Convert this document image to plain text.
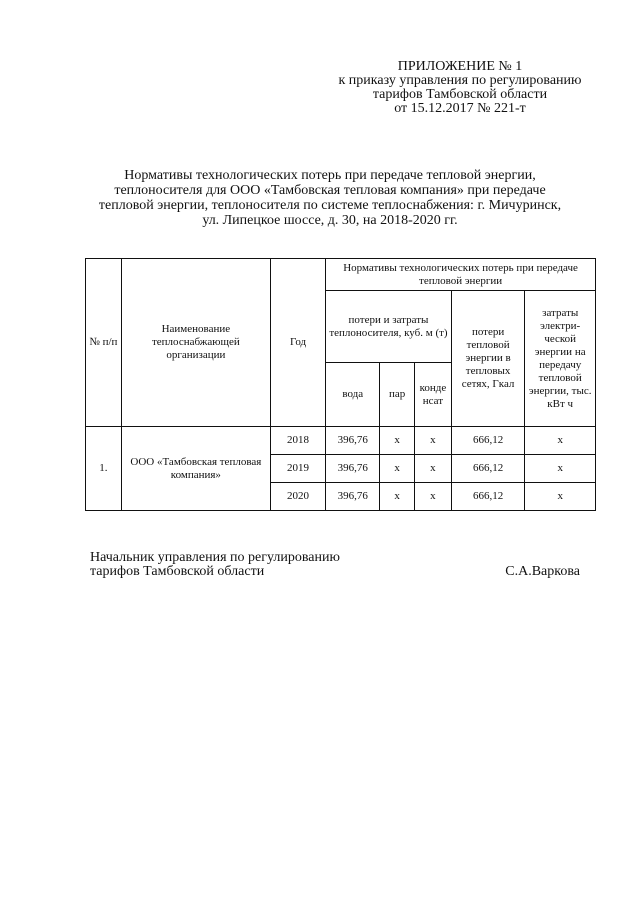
ПРИЛОЖЕНИЕ № 1
к приказу управления по регулированию
тарифов Тамбовской области
от 15.12.2017 № 221-т
Нормативы технологических потерь при передаче тепловой энергии,
теплоносителя для ООО «Тамбовская тепловая компания» при передаче
тепловой энергии, теплоносителя по системе теплоснабжения: г. Мичуринск,
ул. Липецкое шоссе, д. 30, на 2018-2020 гг.
№ п/п	Наименование теплоснабжающей организации	Год	Нормативы технологических потерь при передаче тепловой энергии				
			потери и затраты теплоносителя, куб. м (т)			потери тепловой энергии в тепловых сетях, Гкал	затраты электри-ческой энергии на передачу тепловой энергии, тыс. кВт ч
			вода	пар	конде нсат		
1.	ООО «Тамбовская тепловая компания»	2018	396,76	х	х	666,12	х
		2019	396,76	х	х	666,12	х
		2020	396,76	х	х	666,12	х
Начальник управления по регулированию
тарифов Тамбовской области	С.А.Варкова
